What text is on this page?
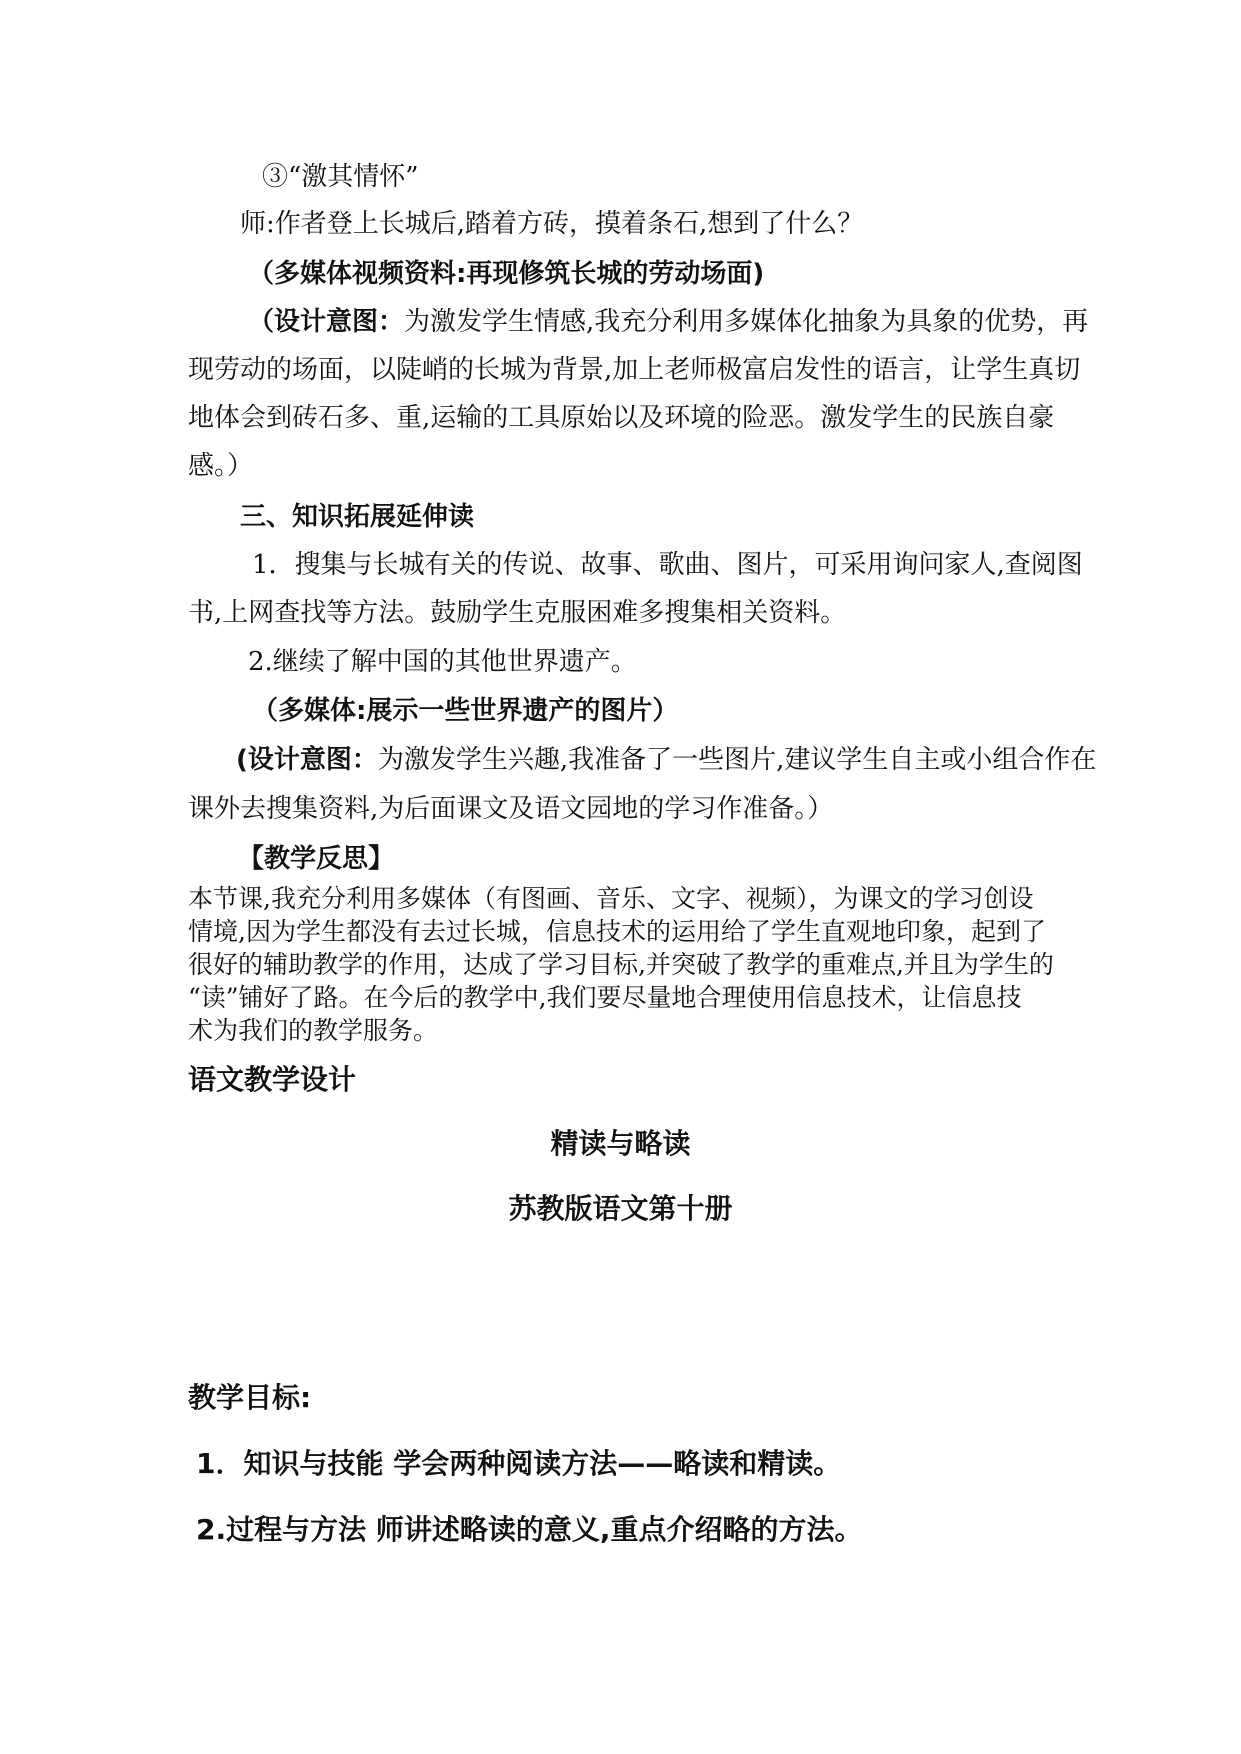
③“激其情怀”
师:作者登上长城后,踏着方砖，摸着条石,想到了什么？
（多媒体视频资料:再现修筑长城的劳动场面)
（设计意图：为激发学生情感,我充分利用多媒体化抽象为具象的优势，再
现劳动的场面，以陡峭的长城为背景,加上老师极富启发性的语言，让学生真切
地体会到砖石多、重,运输的工具原始以及环境的险恶。激发学生的民族自豪
感。）
三、知识拓展延伸读
1．搜集与长城有关的传说、故事、歌曲、图片，可采用询问家人,查阅图
书,上网查找等方法。鼓励学生克服困难多搜集相关资料。
2.继续了解中国的其他世界遗产。
（多媒体:展示一些世界遗产的图片）
(设计意图：为激发学生兴趣,我准备了一些图片,建议学生自主或小组合作在
课外去搜集资料,为后面课文及语文园地的学习作准备。）
【教学反思】
本节课,我充分利用多媒体（有图画、音乐、文字、视频），为课文的学习创设
情境,因为学生都没有去过长城，信息技术的运用给了学生直观地印象，起到了
很好的辅助教学的作用，达成了学习目标,并突破了教学的重难点,并且为学生的
“读”铺好了路。在今后的教学中,我们要尽量地合理使用信息技术，让信息技
术为我们的教学服务。
语文教学设计
精读与略读
苏教版语文第十册
教学目标:
1．知识与技能 学会两种阅读方法——略读和精读。
2.过程与方法 师讲述略读的意义,重点介绍略的方法。
